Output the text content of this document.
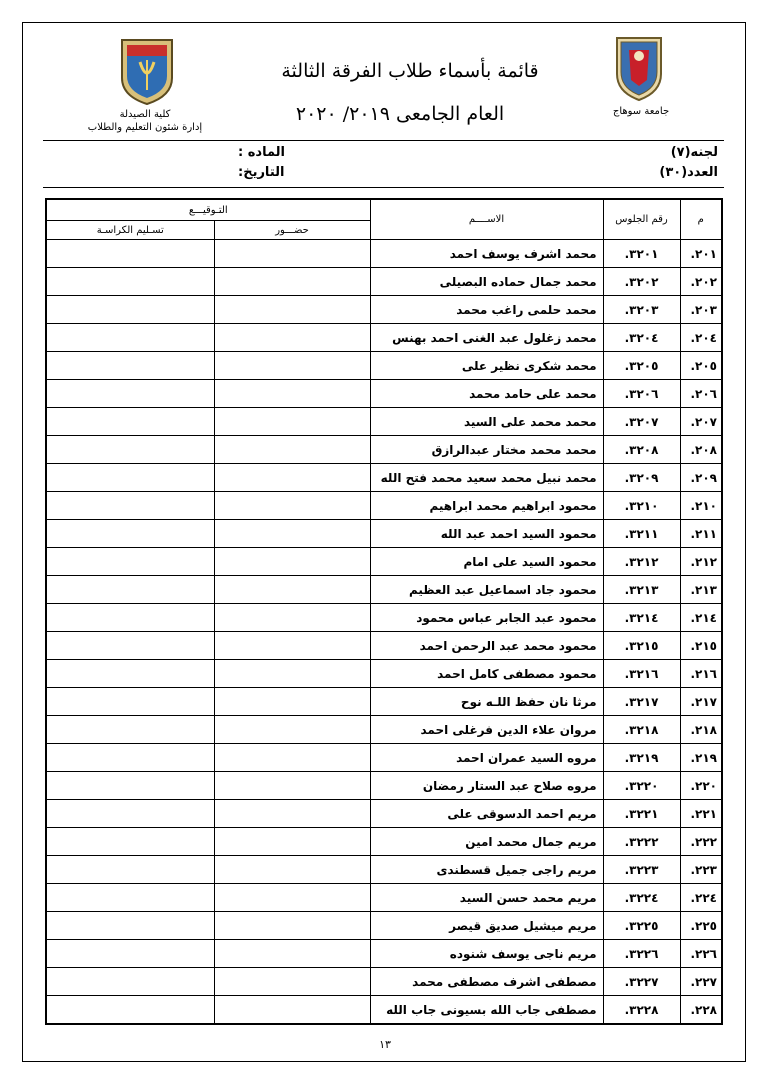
جامعة سوهاج
كلية الصيدلة
إدارة شئون التعليم والطلاب
قائمة بأسماء طلاب الفرقة الثالثة
العام الجامعى ٢٠١٩/ ٢٠٢٠
لجنه(٧)
العدد(٣٠)
الماده :
التاريخ:
م	رقم الجلوس	الاســــم	التـوقيـــع	
			حضـــور	تسـليم الكراسـة
٢٠١.	٣٢٠١.	محمد اشرف يوسف احمد		
٢٠٢.	٣٢٠٢.	محمد جمال حماده البصيلى		
٢٠٣.	٣٢٠٣.	محمد حلمى راغب محمد		
٢٠٤.	٣٢٠٤.	محمد زغلول عبد الغنى احمد بهنس		
٢٠٥.	٣٢٠٥.	محمد شكرى نظير على		
٢٠٦.	٣٢٠٦.	محمد على حامد محمد		
٢٠٧.	٣٢٠٧.	محمد محمد على السيد		
٢٠٨.	٣٢٠٨.	محمد محمد مختار عبدالرازق		
٢٠٩.	٣٢٠٩.	محمد نبيل محمد سعيد محمد فتح الله		
٢١٠.	٣٢١٠.	محمود ابراهيم محمد ابراهيم		
٢١١.	٣٢١١.	محمود السيد احمد عبد الله		
٢١٢.	٣٢١٢.	محمود السيد على امام		
٢١٣.	٣٢١٣.	محمود جاد اسماعيل عبد العظيم		
٢١٤.	٣٢١٤.	محمود عبد الجابر عباس محمود		
٢١٥.	٣٢١٥.	محمود محمد عبد الرحمن احمد		
٢١٦.	٣٢١٦.	محمود مصطفى كامل احمد		
٢١٧.	٣٢١٧.	مرثا نان حفظ اللـه نوح		
٢١٨.	٣٢١٨.	مروان علاء الدين فرغلى احمد		
٢١٩.	٣٢١٩.	مروه السيد عمران احمد		
٢٢٠.	٣٢٢٠.	مروه صلاح عبد الستار رمضان		
٢٢١.	٣٢٢١.	مريم احمد الدسوقى على		
٢٢٢.	٣٢٢٢.	مريم جمال محمد امين		
٢٢٣.	٣٢٢٣.	مريم راجى جميل قسطندى		
٢٢٤.	٣٢٢٤.	مريم محمد حسن السيد		
٢٢٥.	٣٢٢٥.	مريم ميشيل صديق قيصر		
٢٢٦.	٣٢٢٦.	مريم ناجى يوسف شنوده		
٢٢٧.	٣٢٢٧.	مصطفى اشرف مصطفى محمد		
٢٢٨.	٣٢٢٨.	مصطفى جاب الله بسيونى جاب الله		
١٣
